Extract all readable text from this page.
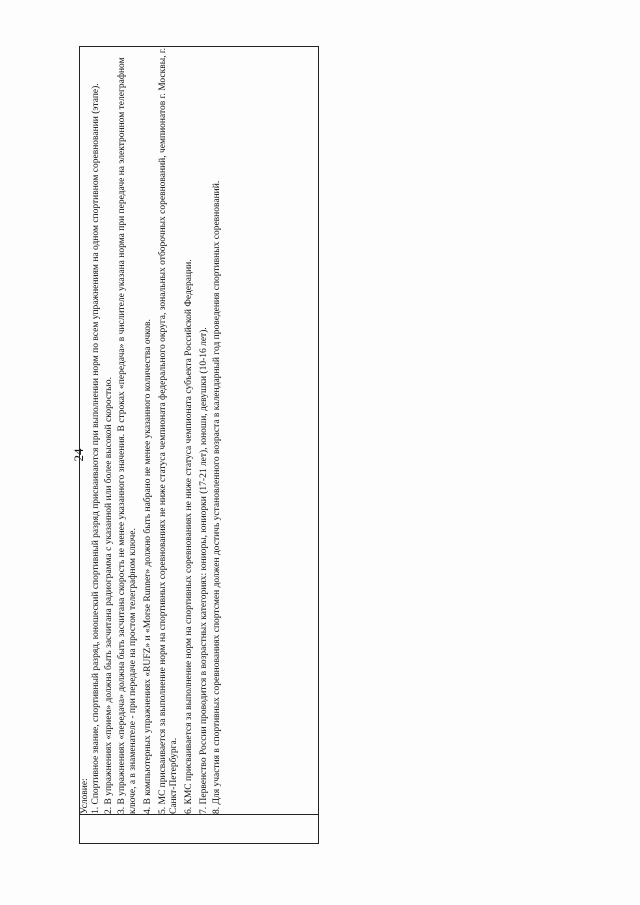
24

Условие: 1. Спортивное звание, спортивный разряд, юношеский спортивный разряд присваиваются при выполнении норм по всем упражнениям на одном спортивном соревновании (этапе). 2. В упражнениях «прием» должна быть засчитана радиограмма с указанной или более высокой скоростью. 3. В упражнениях «передача» должна быть засчитана скорость не менее указанного значения. В строках «передача» в числителе указана норма при передаче на электронном телеграфном ключе, а в знаменателе - при передаче на простом телеграфном ключе. 4. В компьютерных упражнениях «RUFZ» и «Morse Runner» должно быть набрано не менее указанного количества очков. 5. МС присваивается за выполнение норм на спортивных соревнованиях не ниже статуса чемпионата федерального округа, зональных отборочных соревнований, чемпионатов г. Москвы, г. Санкт-Петербурга. 6. КМС присваивается за выполнение норм на спортивных соревнованиях не ниже статуса чемпионата субъекта Российской Федерации. 7. Первенство России проводится в возрастных категориях: юниоры, юниорки (17-21 лет), юноши, девушки (10-16 лет). 8. Для участия в спортивных соревнованиях спортсмен должен достичь установленного возраста в календарный год проведения спортивных соревнований.
